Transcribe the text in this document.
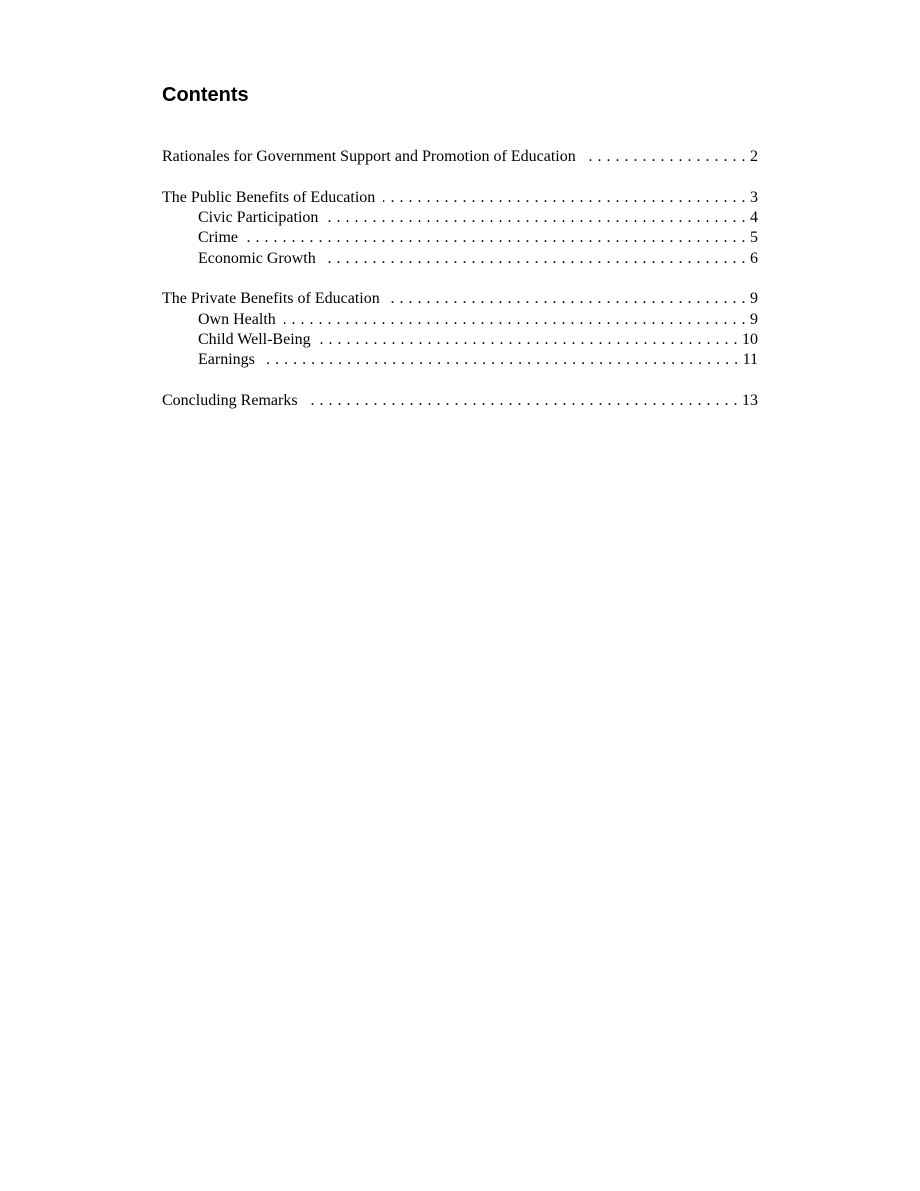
Contents
Rationales for Government Support and Promotion of Education . . .	2
The Public Benefits of Education . . .	3
Civic Participation . . .	4
Crime . . .	5
Economic Growth . . .	6
The Private Benefits of Education . . .	9
Own Health . . .	9
Child Well-Being . . .	10
Earnings . . .	11
Concluding Remarks . . .	13
